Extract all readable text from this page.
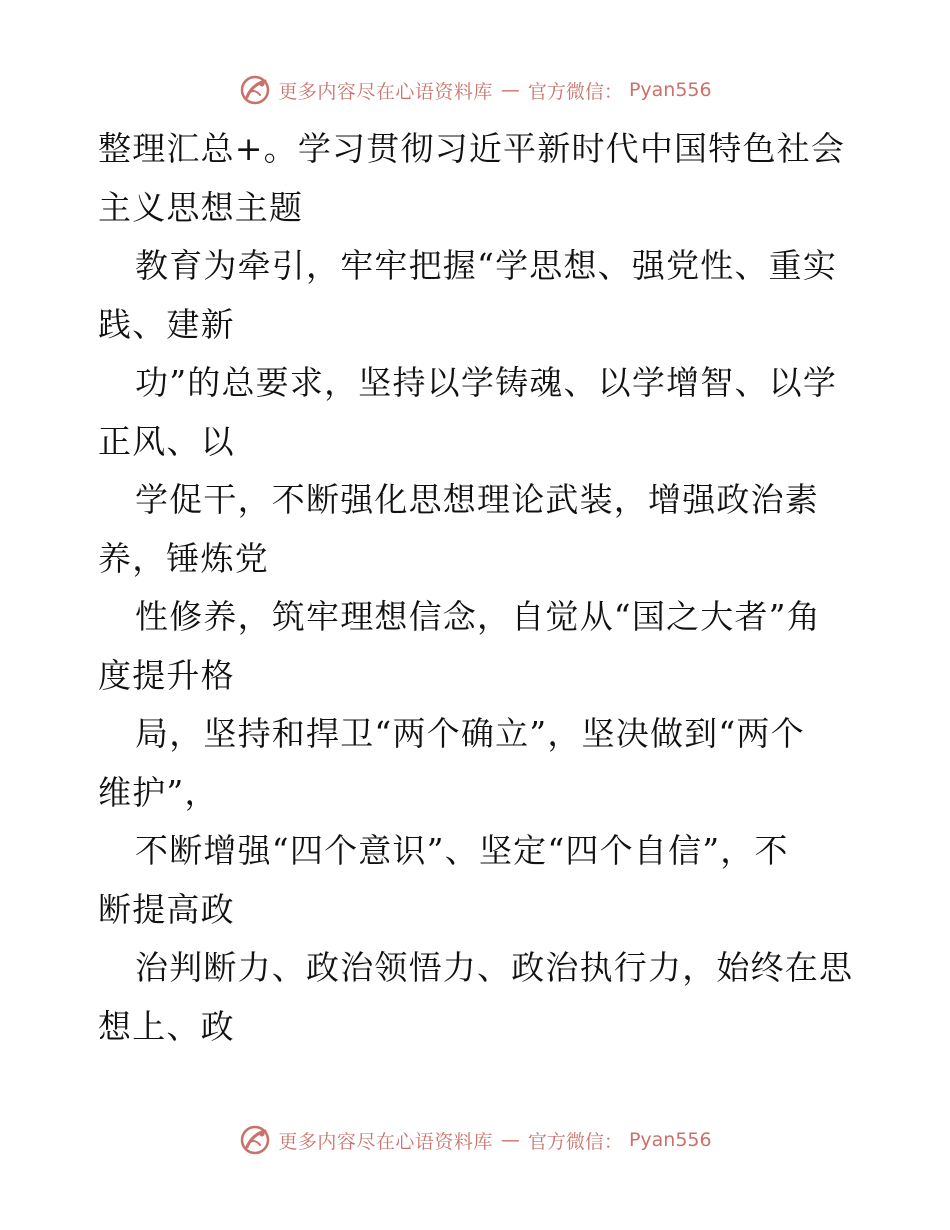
更多内容尽在心语资料库 — 官方微信： Pyan556
整理汇总+。学习贯彻习近平新时代中国特色社会
主义思想主题
教育为牵引，牢牢把握“学思想、强党性、重实
践、建新
功”的总要求，坚持以学铸魂、以学增智、以学
正风、以
学促干，不断强化思想理论武装，增强政治素
养，锤炼党
性修养，筑牢理想信念，自觉从“国之大者”角
度提升格
局，坚持和捍卫“两个确立”，坚决做到“两个
维护”，
不断增强“四个意识”、坚定“四个自信”，不
断提高政
治判断力、政治领悟力、政治执行力，始终在思
想上、政
更多内容尽在心语资料库 — 官方微信： Pyan556
